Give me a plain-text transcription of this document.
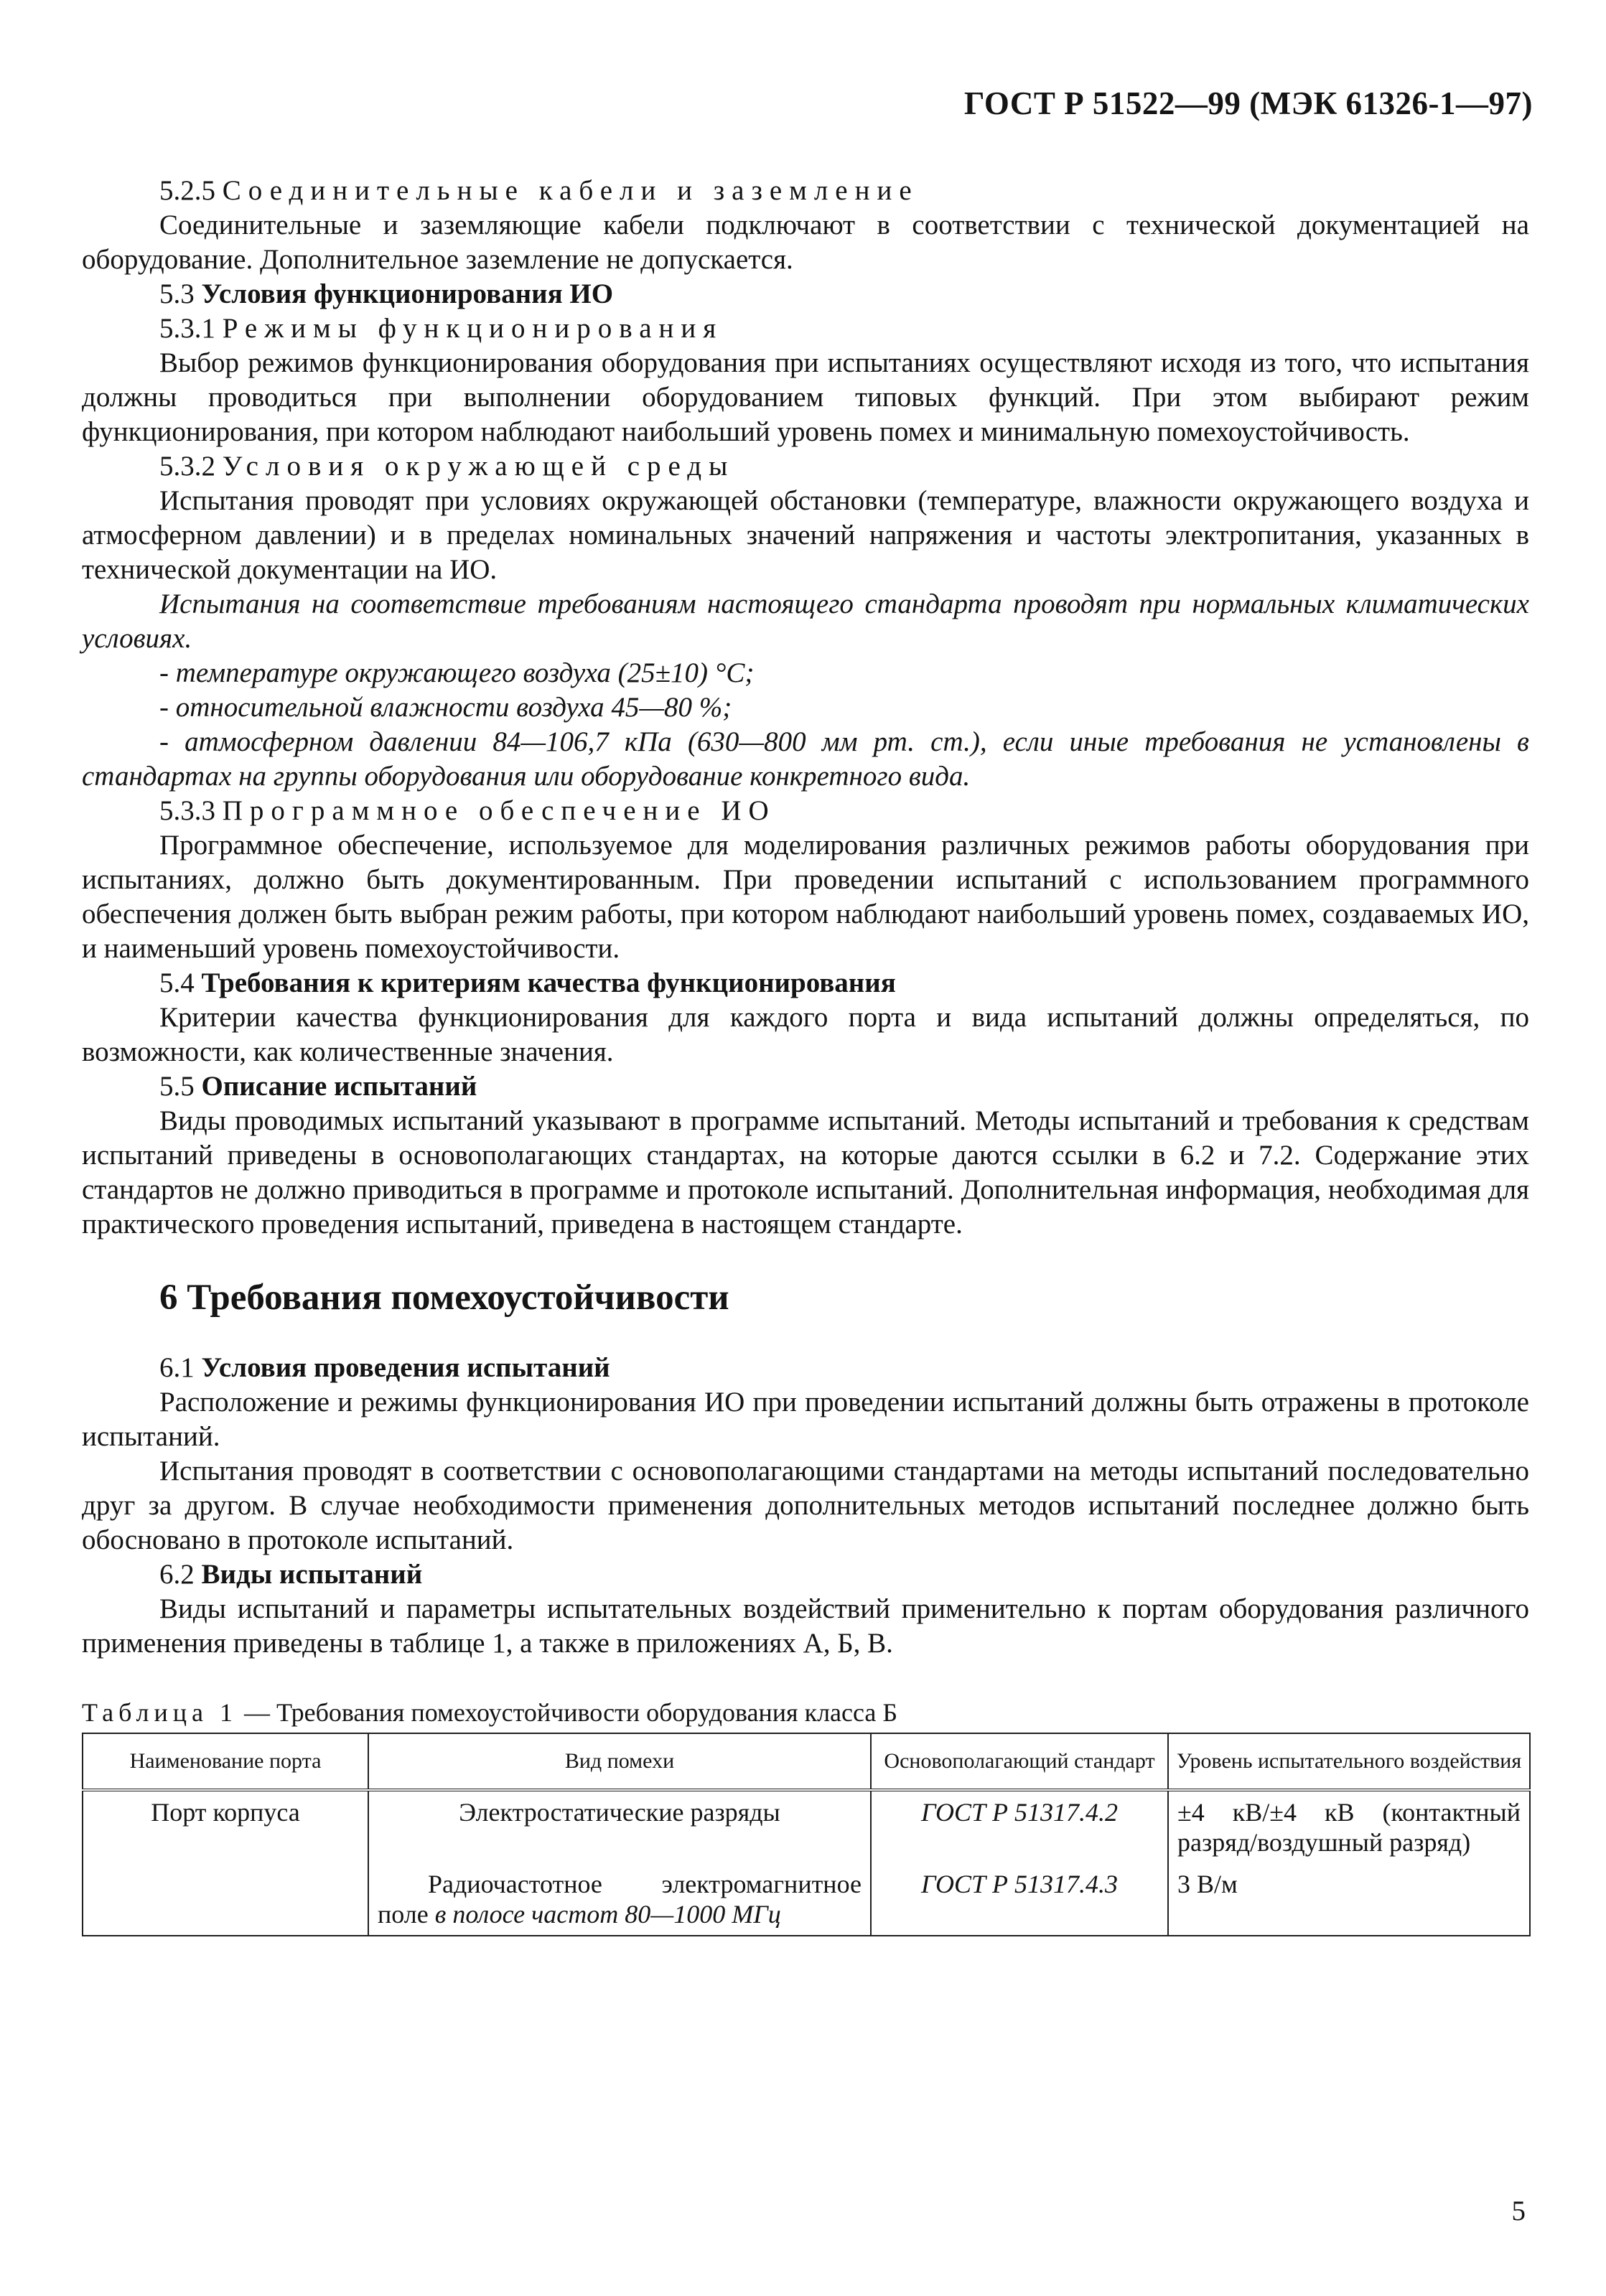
ГОСТ Р 51522—99 (МЭК 61326-1—97)

5.2.5 Соединительные кабели и заземление

Соединительные и заземляющие кабели подключают в соответствии с технической документацией на оборудование. Дополнительное заземление не допускается.

5.3 Условия функционирования ИО

5.3.1 Режимы функционирования

Выбор режимов функционирования оборудования при испытаниях осуществляют исходя из того, что испытания должны проводиться при выполнении оборудованием типовых функций. При этом выбирают режим функционирования, при котором наблюдают наибольший уровень помех и минимальную помехоустойчивость.

5.3.2 Условия окружающей среды

Испытания проводят при условиях окружающей обстановки (температуре, влажности окружающего воздуха и атмосферном давлении) и в пределах номинальных значений напряжения и частоты электропитания, указанных в технической документации на ИО.

Испытания на соответствие требованиям настоящего стандарта проводят при нормальных климатических условиях.

- температуре окружающего воздуха (25±10) °С;

- относительной влажности воздуха 45—80 %;

- атмосферном давлении 84—106,7 кПа (630—800 мм рт. ст.), если иные требования не установлены в стандартах на группы оборудования или оборудование конкретного вида.

5.3.3 Программное обеспечение ИО

Программное обеспечение, используемое для моделирования различных режимов работы оборудования при испытаниях, должно быть документированным. При проведении испытаний с использованием программного обеспечения должен быть выбран режим работы, при котором наблюдают наибольший уровень помех, создаваемых ИО, и наименьший уровень помехоустойчивости.

5.4 Требования к критериям качества функционирования

Критерии качества функционирования для каждого порта и вида испытаний должны определяться, по возможности, как количественные значения.

5.5 Описание испытаний

Виды проводимых испытаний указывают в программе испытаний. Методы испытаний и требования к средствам испытаний приведены в основополагающих стандартах, на которые даются ссылки в 6.2 и 7.2. Содержание этих стандартов не должно приводиться в программе и протоколе испытаний. Дополнительная информация, необходимая для практического проведения испытаний, приведена в настоящем стандарте.

6 Требования помехоустойчивости

6.1 Условия проведения испытаний

Расположение и режимы функционирования ИО при проведении испытаний должны быть отражены в протоколе испытаний.

Испытания проводят в соответствии с основополагающими стандартами на методы испытаний последовательно друг за другом. В случае необходимости применения дополнительных методов испытаний последнее должно быть обосновано в протоколе испытаний.

6.2 Виды испытаний

Виды испытаний и параметры испытательных воздействий применительно к портам оборудования различного применения приведены в таблице 1, а также в приложениях А, Б, В.

Таблица 1 — Требования помехоустойчивости оборудования класса Б

Наименование порта	Вид помехи	Основополагающий стандарт	Уровень испытательного воздействия
Порт корпуса	Электростатические разряды	ГОСТ Р 51317.4.2	±4 кВ/±4 кВ (контактный разряд/воздушный разряд)
	Радиочастотное электромагнитное поле в полосе частот 80—1000 МГц	ГОСТ Р 51317.4.3	3 В/м
5
